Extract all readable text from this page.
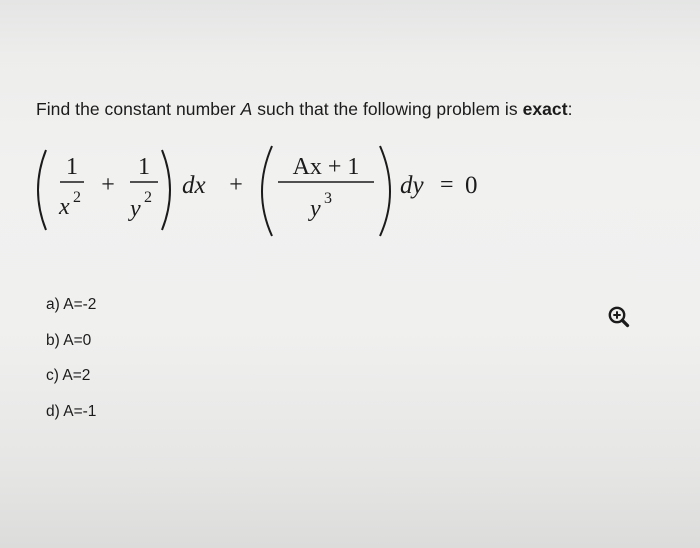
Find the constant number A such that the following problem is exact:
1
x 2 +
1
y 2 dx +
Ax + 1
y 3	dy = 0
a) A=-2
b) A=0
c) A=2
d) A=-1
